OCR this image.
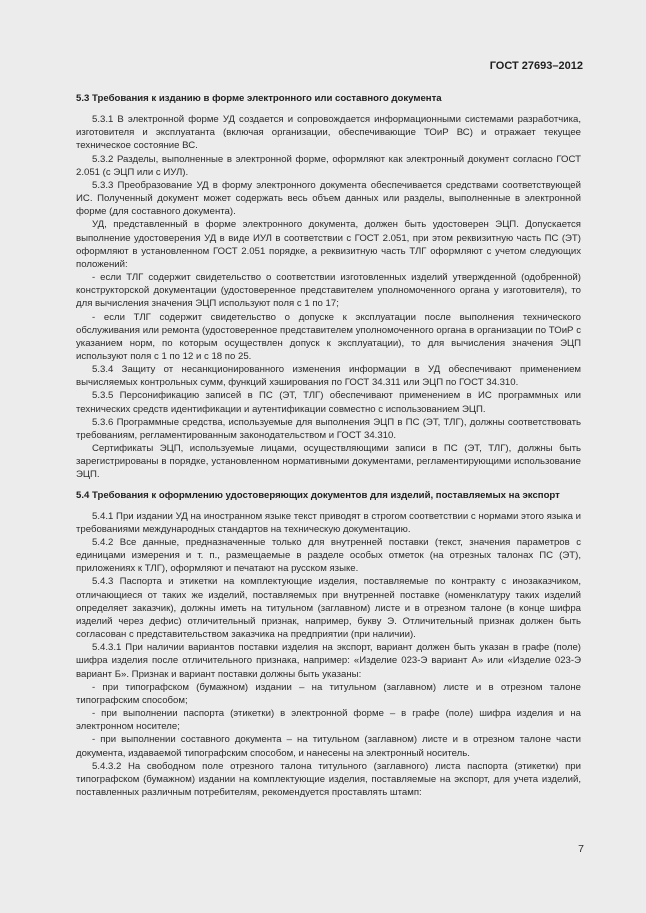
ГОСТ 27693–2012
5.3 Требования к изданию в форме электронного или составного документа

5.3.1 В электронной форме УД создается и сопровождается информационными системами разработчика, изготовителя и эксплуатанта (включая организации, обеспечивающие ТОиР ВС) и отражает текущее техническое состояние ВС.

5.3.2 Разделы, выполненные в электронной форме, оформляют как электронный документ согласно ГОСТ 2.051 (с ЭЦП или с ИУЛ).

5.3.3 Преобразование УД в форму электронного документа обеспечивается средствами соответствующей ИС. Полученный документ может содержать весь объем данных или разделы, выполненные в электронной форме (для составного документа).

УД, представленный в форме электронного документа, должен быть удостоверен ЭЦП. Допускается выполнение удостоверения УД в виде ИУЛ в соответствии с ГОСТ 2.051, при этом реквизитную часть ПС (ЭТ) оформляют в установленном ГОСТ 2.051 порядке, а реквизитную часть ТЛГ оформляют с учетом следующих положений:

- если ТЛГ содержит свидетельство о соответствии изготовленных изделий утвержденной (одобренной) конструкторской документации (удостоверенное представителем уполномоченного органа у изготовителя), то для вычисления значения ЭЦП используют поля с 1 по 17;

- если ТЛГ содержит свидетельство о допуске к эксплуатации после выполнения технического обслуживания или ремонта (удостоверенное представителем уполномоченного органа в организации по ТОиР с указанием норм, по которым осуществлен допуск к эксплуатации), то для вычисления значения ЭЦП используют поля с 1 по 12 и с 18 по 25.

5.3.4 Защиту от несанкционированного изменения информации в УД обеспечивают применением вычисляемых контрольных сумм, функций хэширования по ГОСТ 34.311 или ЭЦП по ГОСТ 34.310.

5.3.5 Персонификацию записей в ПС (ЭТ, ТЛГ) обеспечивают применением в ИС программных или технических средств идентификации и аутентификации совместно с использованием ЭЦП.

5.3.6 Программные средства, используемые для выполнения ЭЦП в ПС (ЭТ, ТЛГ), должны соответствовать требованиям, регламентированным законодательством и ГОСТ 34.310.

Сертификаты ЭЦП, используемые лицами, осуществляющими записи в ПС (ЭТ, ТЛГ), должны быть зарегистрированы в порядке, установленном нормативными документами, регламентирующими использование ЭЦП.

5.4 Требования к оформлению удостоверяющих документов для изделий, поставляемых на экспорт

5.4.1 При издании УД на иностранном языке текст приводят в строгом соответствии с нормами этого языка и требованиями международных стандартов на техническую документацию.

5.4.2 Все данные, предназначенные только для внутренней поставки (текст, значения параметров с единицами измерения и т. п., размещаемые в разделе особых отметок (на отрезных талонах ПС (ЭТ), приложениях к ТЛГ), оформляют и печатают на русском языке.

5.4.3 Паспорта и этикетки на комплектующие изделия, поставляемые по контракту с инозаказчиком, отличающиеся от таких же изделий, поставляемых при внутренней поставке (номенклатуру таких изделий определяет заказчик), должны иметь на титульном (заглавном) листе и в отрезном талоне (в конце шифра изделий через дефис) отличительный признак, например, букву Э. Отличительный признак должен быть согласован с представительством заказчика на предприятии (при наличии).

5.4.3.1 При наличии вариантов поставки изделия на экспорт, вариант должен быть указан в графе (поле) шифра изделия после отличительного признака, например: «Изделие 023-Э вариант А» или «Изделие 023-Э вариант Б». Признак и вариант поставки должны быть указаны:

- при типографском (бумажном) издании – на титульном (заглавном) листе и в отрезном талоне типографским способом;

- при выполнении паспорта (этикетки) в электронной форме – в графе (поле) шифра изделия и на электронном носителе;

- при выполнении составного документа – на титульном (заглавном) листе и в отрезном талоне части документа, издаваемой типографским способом, и нанесены на электронный носитель.

5.4.3.2 На свободном поле отрезного талона титульного (заглавного) листа паспорта (этикетки) при типографском (бумажном) издании на комплектующие изделия, поставляемые на экспорт, для учета изделий, поставленных различным потребителям, рекомендуется проставлять штамп:

7
